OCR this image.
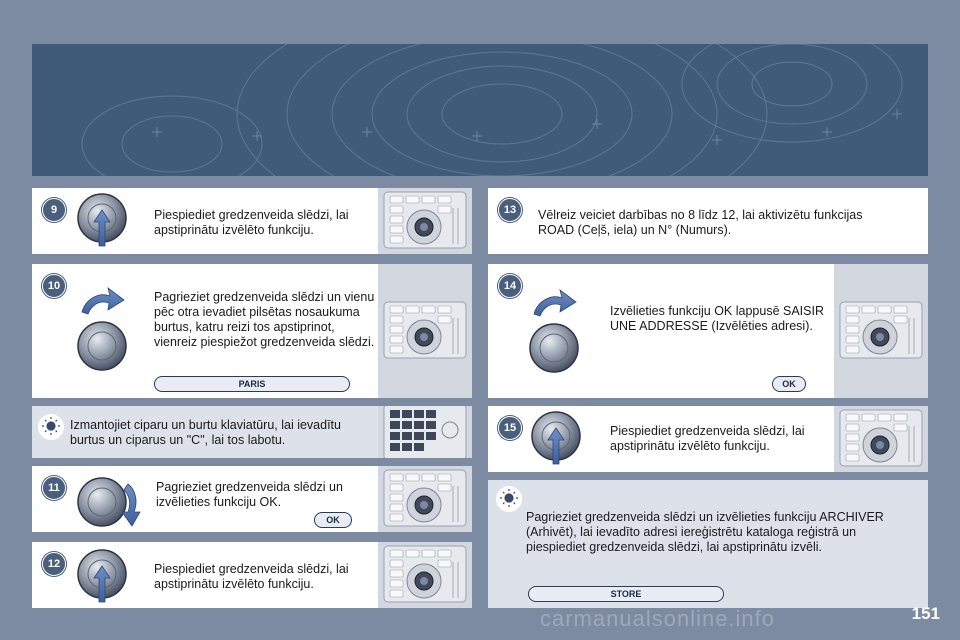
9	Piespiediet gredzenveida slēdzi, lai apstiprinātu izvēlēto funkciju.
10
Pagrieziet gredzenveida slēdzi un vienu pēc otra ievadiet pilsētas nosaukuma burtus, katru reizi tos apstiprinot, vienreiz piespiežot gredzenveida slēdzi.
PARIS
Izmantojiet ciparu un burtu klaviatūru, lai ievadītu burtus un ciparus un "C", lai tos labotu.
11	Pagrieziet gredzenveida slēdzi un izvēlieties funkciju OK.
OK
12	Piespiediet gredzenveida slēdzi, lai apstiprinātu izvēlēto funkciju.
13	Vēlreiz veiciet darbības no 8 līdz 12, lai aktivizētu funkcijas ROAD (Ceļš, iela) un N° (Numurs).
14
Izvēlieties funkciju OK lappusē SAISIR UNE ADDRESSE (Izvēlēties adresi).
OK
15	Piespiediet gredzenveida slēdzi, lai apstiprinātu izvēlēto funkciju.
Pagrieziet gredzenveida slēdzi un izvēlieties funkciju ARCHIVER (Arhivēt), lai ievadīto adresi iereģistrētu kataloga reģistrā un piespiediet gredzenveida slēdzi, lai apstiprinātu izvēli.
STORE
carmanualsonline.info	151
